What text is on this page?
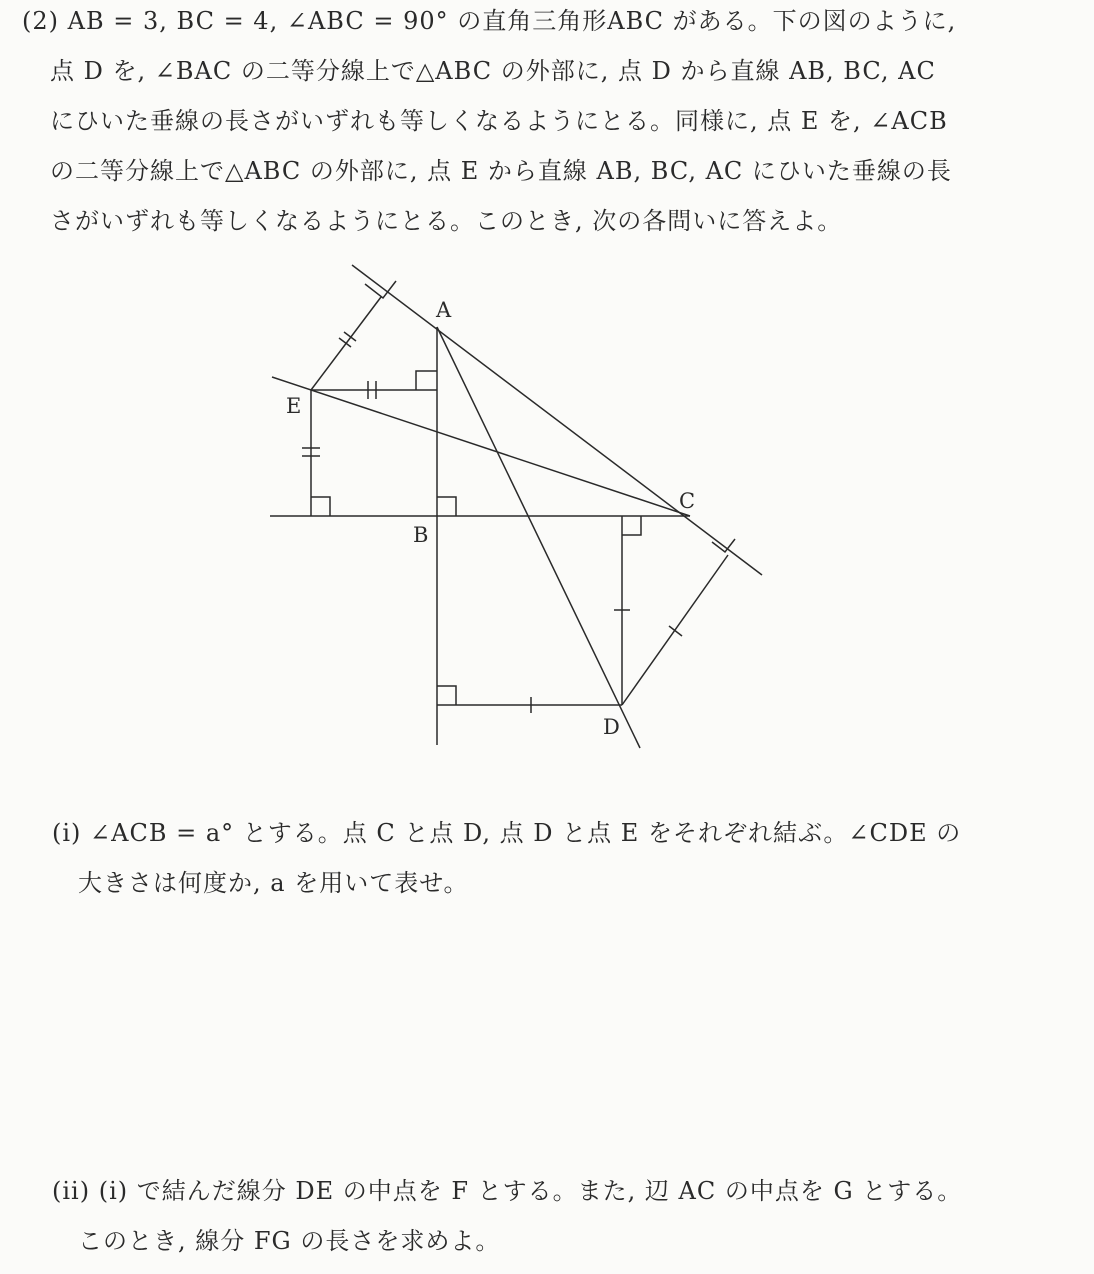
(2) AB = 3, BC = 4, ∠ABC = 90° の直角三角形ABC がある。下の図のように,
点 D を, ∠BAC の二等分線上で△ABC の外部に, 点 D から直線 AB, BC, AC
にひいた垂線の長さがいずれも等しくなるようにとる。同様に, 点 E を, ∠ACB
の二等分線上で△ABC の外部に, 点 E から直線 AB, BC, AC にひいた垂線の長
さがいずれも等しくなるようにとる。このとき, 次の各問いに答えよ。
A
E
C
B
D
(i) ∠ACB = a° とする。点 C と点 D, 点 D と点 E をそれぞれ結ぶ。∠CDE の
大きさは何度か, a を用いて表せ。
(ii) (i) で結んだ線分 DE の中点を F とする。また, 辺 AC の中点を G とする。
このとき, 線分 FG の長さを求めよ。
